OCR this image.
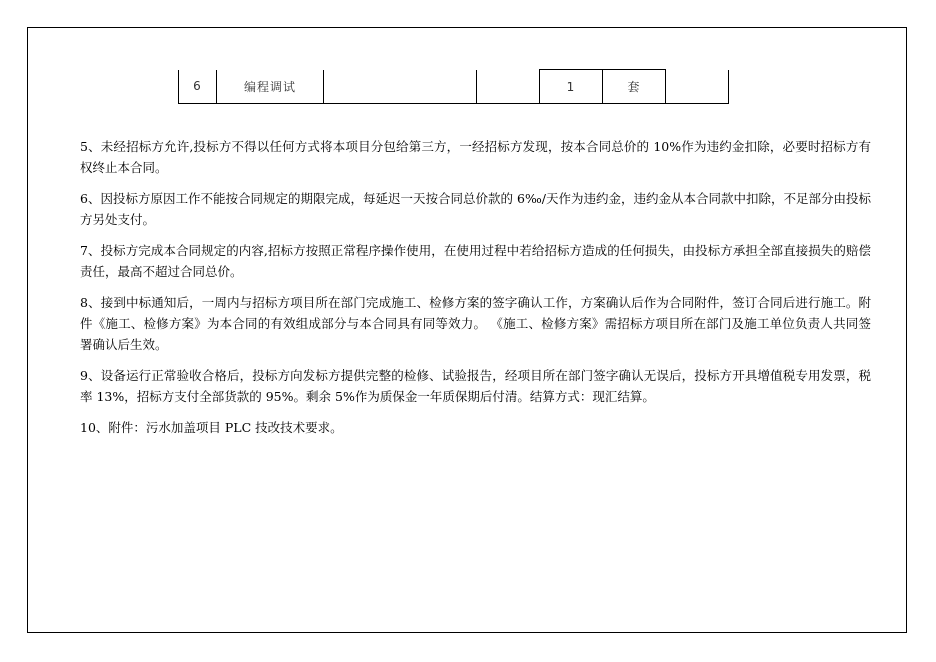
6	编程调试			1	套	

5、未经招标方允许,投标方不得以任何方式将本项目分包给第三方，一经招标方发现，按本合同总价的 10%作为违约金扣除，必要时招标方有权终止本合同。

6、因投标方原因工作不能按合同规定的期限完成，每延迟一天按合同总价款的 6‰/天作为违约金，违约金从本合同款中扣除，不足部分由投标方另处支付。

7、投标方完成本合同规定的内容,招标方按照正常程序操作使用，在使用过程中若给招标方造成的任何损失，由投标方承担全部直接损失的赔偿责任，最高不超过合同总价。

8、接到中标通知后，一周内与招标方项目所在部门完成施工、检修方案的签字确认工作，方案确认后作为合同附件，签订合同后进行施工。附件《施工、检修方案》为本合同的有效组成部分与本合同具有同等效力。 《施工、检修方案》需招标方项目所在部门及施工单位负责人共同签署确认后生效。

9、设备运行正常验收合格后，投标方向发标方提供完整的检修、试验报告，经项目所在部门签字确认无误后，投标方开具增值税专用发票，税率 13%，招标方支付全部货款的 95%。剩余 5%作为质保金一年质保期后付清。结算方式：现汇结算。

10、附件：污水加盖项目 PLC 技改技术要求。
